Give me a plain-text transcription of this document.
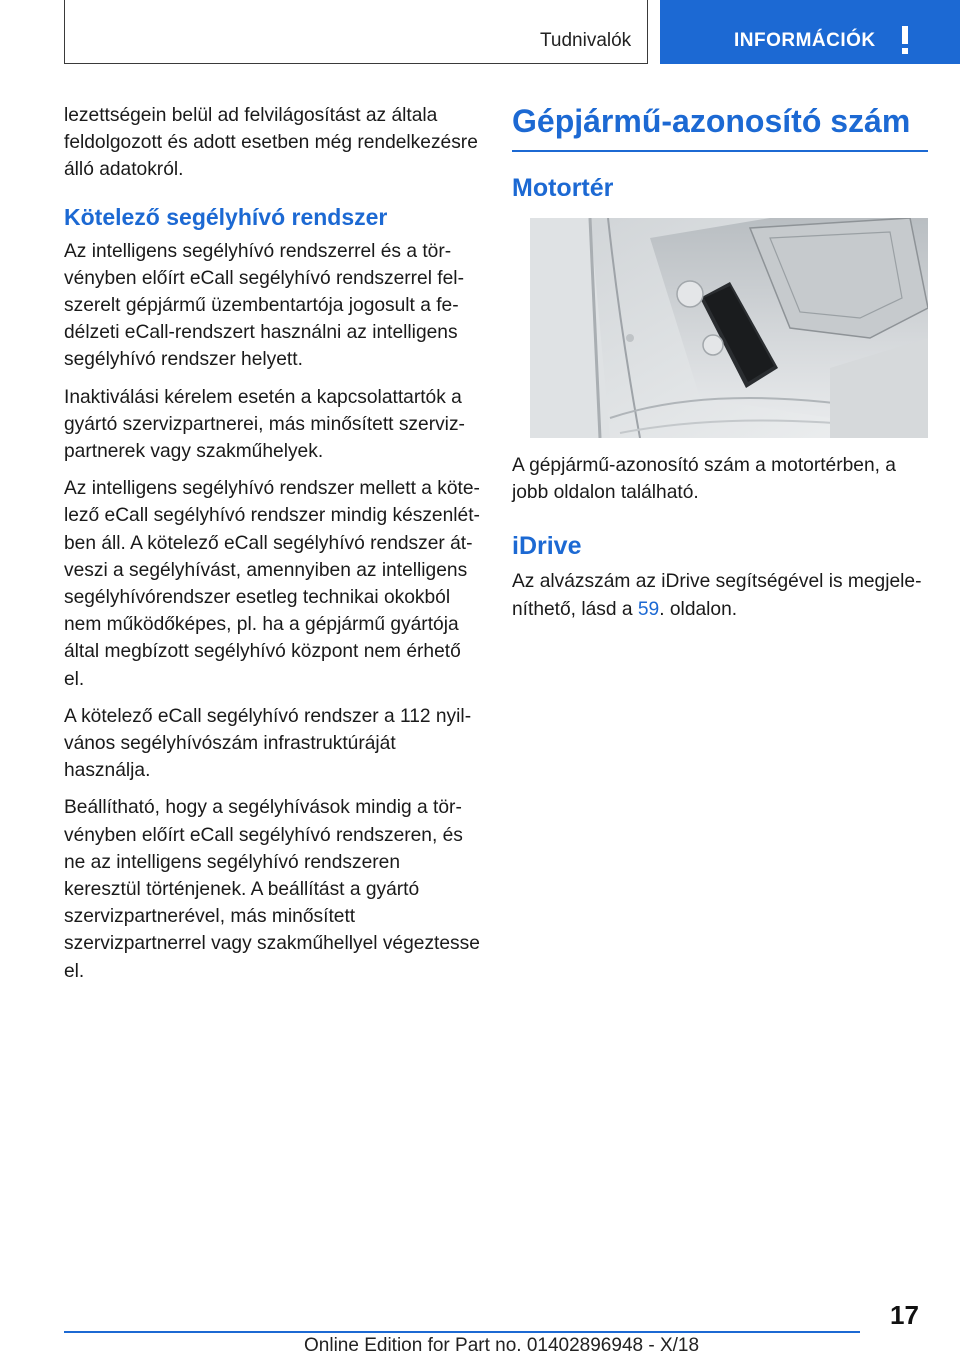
Tudnivalók	INFORMÁCIÓK

lezettségein belül ad felvilágosítást az általa feldolgozott és adott esetben még rendelkezésre álló adatokról.

Kötelező segélyhívó rendszer

Az intelligens segélyhívó rendszerrel és a törvényben előírt eCall segélyhívó rendszerrel felszerelt gépjármű üzembentartója jogosult a fedélzeti eCall-rendszert használni az intelligens segélyhívó rendszer helyett.

Inaktiválási kérelem esetén a kapcsolattartók a gyártó szervizpartnerei, más minősített szervizpartnerek vagy szakműhelyek.

Az intelligens segélyhívó rendszer mellett a kötelező eCall segélyhívó rendszer mindig készenlétben áll. A kötelező eCall segélyhívó rendszer átveszi a segélyhívást, amennyiben az intelligens segélyhívórendszer esetleg technikai okokból nem működőképes, pl. ha a gépjármű gyártója által megbízott segélyhívó központ nem érhető el.

A kötelező eCall segélyhívó rendszer a 112 nyilvános segélyhívószám infrastruktúráját használja.

Beállítható, hogy a segélyhívások mindig a törvényben előírt eCall segélyhívó rendszeren, és ne az intelligens segélyhívó rendszeren keresztül történjenek. A beállítást a gyártó szervizpartnerével, más minősített szervizpartnerrel vagy szakműhellyel végeztesse el.

Gépjármű-azonosító szám
Motortér

A gépjármű-azonosító szám a motortérben, a jobb oldalon található.

iDrive

Az alvázszám az iDrive segítségével is megjeleníthető, lásd a 59. oldalon.

17
Online Edition for Part no. 01402896948 - X/18
